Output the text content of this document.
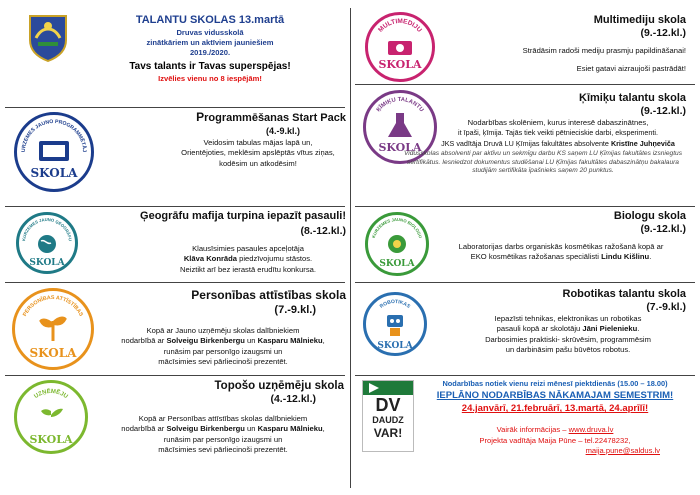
TALANTU SKOLAS 13.martā
Druvas vidusskolā
zinātkāriem un aktīviem jauniešiem
2019./2020.
Tavs talants ir Tavas superspējas!
Izvēlies vienu no 8 iespējām!
MULTIMEDIJU
SKOLA
Multimediju skola
(9.-12.kl.)
Strādāsim radoši mediju prasmju papildināšanai!
Esiet gatavi aizraujoši pastrādāt!
URZEMES JAUNO PROGRAMMĒTĀJ
SKOLA
Programmēšanas Start Pack
(4.-9.kl.)
Veidosim tabulas mājas lapā un,
Orientējoties, meklēsim apslēptās vītus ziņas,
kodēsim un atkodēsim!
ĶĪMIĶU TALANTU
SKOLA
Ķīmiķu talantu skola
(9.-12.kl.)
Nodarbības skolēniem, kurus interesē dabaszinātnes,
it īpaši, ķīmija. Tajās tiek veikti pētnieciskie darbi, eksperimenti.
JKS vadītāja Druvā LU Ķīmijas fakultātes absolvente Kristīne Juhņeviča
Vidusskolas absolventi par aktīvu un sekmīgu darbu KS saņem LU Ķīmijas fakultātes izsniegtus sertifikātus. Iesniedzot dokumentus studēšanai LU Ķīmijas fakultātes dabaszinātņu bakalaura studijām sertifikāta īpašnieks saņem 20 punktus.
KURZEMES JAUNO ĢEOGRĀFU
SKOLA
Ģeogrāfu mafija turpina iepazīt pasauli!
(8.-12.kl.)
Klausīsimies pasaules apceļotāja
Klāva Konrāda piedzīvojumu stāstos.
Neiztikt arī bez ierastā erudītu konkursa.
KURZEMES JAUNO BIOLOGU
SKOLA
Biologu skola
(9.-12.kl.)
Laboratorijas darbs organiskās kosmētikas ražošanā kopā ar
EKO kosmētikas ražošanas speciālisti Lindu Kišlinu.
PERSONĪBAS ATTĪSTĪBAS
SKOLA
Personības attīstības skola
(7.-9.kl.)
Kopā ar Jauno uzņēmēju skolas dalībniekiem
nodarbībā ar Solveigu Birkenbergu un Kasparu Mālnieku,
runāsim par personīgo izaugsmi un
mācīsimies sevi pārliecinoši prezentēt.
ROBOTIKAS
SKOLA
Robotikas talantu skola
(7.-9.kl.)
Iepazīsti tehnikas, elektronikas un robotikas
pasauli kopā ar skolotāju Jāni Pielenieku.
Darbosimies praktiski- skrūvēsim, programmēsim
un darbināsim pašu būvētos robotus.
UZŅĒMĒJU
SKOLA
Topošo uzņēmēju skola
(4.-12.kl.)
Kopā ar Personības attīstības skolas dalībniekiem
nodarbībā ar Solveigu Birkenbergu un Kasparu Mālnieku,
runāsim par personīgo izaugsmi un
mācīsimies sevi pārliecinoši prezentēt.
DV
DAUDZ
VAR!
Nodarbības notiek vienu reizi mēnesī piektdienās (15.00 – 18.00)
IEPLĀNO NODARBĪBAS NĀKAMAJAM SEMESTRIM!
24.janvārī, 21.februārī, 13.martā, 24.aprīlī!
Vairāk informācijas – www.druva.lv
Projekta vadītāja Maija Pūne – tel.22478232,
maija.pune@saldus.lv
